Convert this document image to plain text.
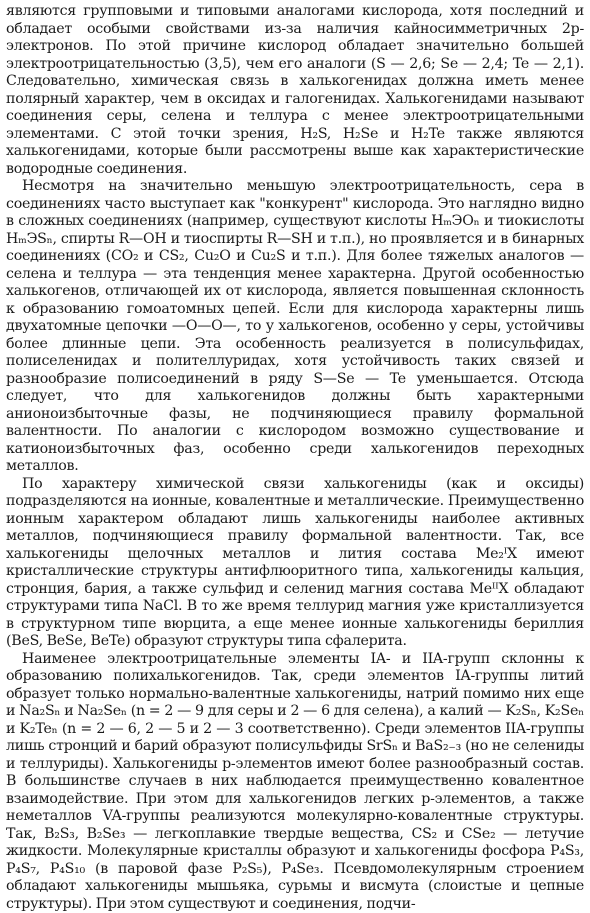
являются групповыми и типовыми аналогами кислорода, хотя последний и обладает особыми свойствами из-за наличия кайносимметричных 2p-электронов. По этой причине кислород обладает значительно большей электроотрицательностью (3,5), чем его аналоги (S — 2,6; Se — 2,4; Te — 2,1). Следовательно, химическая связь в халькогенидах должна иметь менее полярный характер, чем в оксидах и галогенидах. Халькогенидами называют соединения серы, селена и теллура с менее электроотрицательными элементами. С этой точки зрения, H₂S, H₂Se и H₂Te также являются халькогенидами, которые были рассмотрены выше как характеристические водородные соединения.

Несмотря на значительно меньшую электроотрицательность, сера в соединениях часто выступает как "конкурент" кислорода. Это наглядно видно в сложных соединениях (например, существуют кислоты HₘЭOₙ и тиокислоты HₘЭSₙ, спирты R—OH и тиоспирты R—SH и т.п.), но проявляется и в бинарных соединениях (CO₂ и CS₂, Cu₂O и Cu₂S и т.п.). Для более тяжелых аналогов — селена и теллура — эта тенденция менее характерна. Другой особенностью халькогенов, отличающей их от кислорода, является повышенная склонность к образованию гомоатомных цепей. Если для кислорода характерны лишь двухатомные цепочки —O—O—, то у халькогенов, особенно у серы, устойчивы более длинные цепи. Эта особенность реализуется в полисульфидах, полиселенидах и полителлуридах, хотя устойчивость таких связей и разнообразие полисоединений в ряду S—Se — Te уменьшается. Отсюда следует, что для халькогенидов должны быть характерными анионоизбыточные фазы, не подчиняющиеся правилу формальной валентности. По аналогии с кислородом возможно существование и катионоизбыточных фаз, особенно среди халькогенидов переходных металлов.

По характеру химической связи халькогениды (как и оксиды) подразделяются на ионные, ковалентные и металлические. Преимущественно ионным характером обладают лишь халькогениды наиболее активных металлов, подчиняющиеся правилу формальной валентности. Так, все халькогениды щелочных металлов и лития состава Me₂ᴵX имеют кристаллические структуры антифлюоритного типа, халькогениды кальция, стронция, бария, а также сульфид и селенид магния состава MeᴵᴵX обладают структурами типа NaCl. В то же время теллурид магния уже кристаллизуется в структурном типе вюрцита, а еще менее ионные халькогениды бериллия (BeS, BeSe, BeTe) образуют структуры типа сфалерита.

Наименее электроотрицательные элементы IA- и IIA-групп склонны к образованию полихалькогенидов. Так, среди элементов IA-группы литий образует только нормально-валентные халькогениды, натрий помимо них еще и Na₂Sₙ и Na₂Seₙ (n = 2 — 9 для серы и 2 — 6 для селена), а калий — K₂Sₙ, K₂Seₙ и K₂Teₙ (n = 2 — 6, 2 — 5 и 2 — 3 соответственно). Среди элементов IIA-группы лишь стронций и барий образуют полисульфиды SrSₙ и BaS₂₋₃ (но не селениды и теллуриды). Халькогениды p-элементов имеют более разнообразный состав. В большинстве случаев в них наблюдается преимущественно ковалентное взаимодействие. При этом для халькогенидов легких p-элементов, а также неметаллов VA-группы реализуются молекулярно-ковалентные структуры. Так, B₂S₃, B₂Se₃ — легкоплавкие твердые вещества, CS₂ и CSe₂ — летучие жидкости. Молекулярные кристаллы образуют и халькогениды фосфора P₄S₃, P₄S₇, P₄S₁₀ (в паровой фазе P₂S₅), P₄Se₃. Псевдомолекулярным строением обладают халькогениды мышьяка, сурьмы и висмута (слоистые и цепные структуры). При этом существуют и соединения, подчи-
